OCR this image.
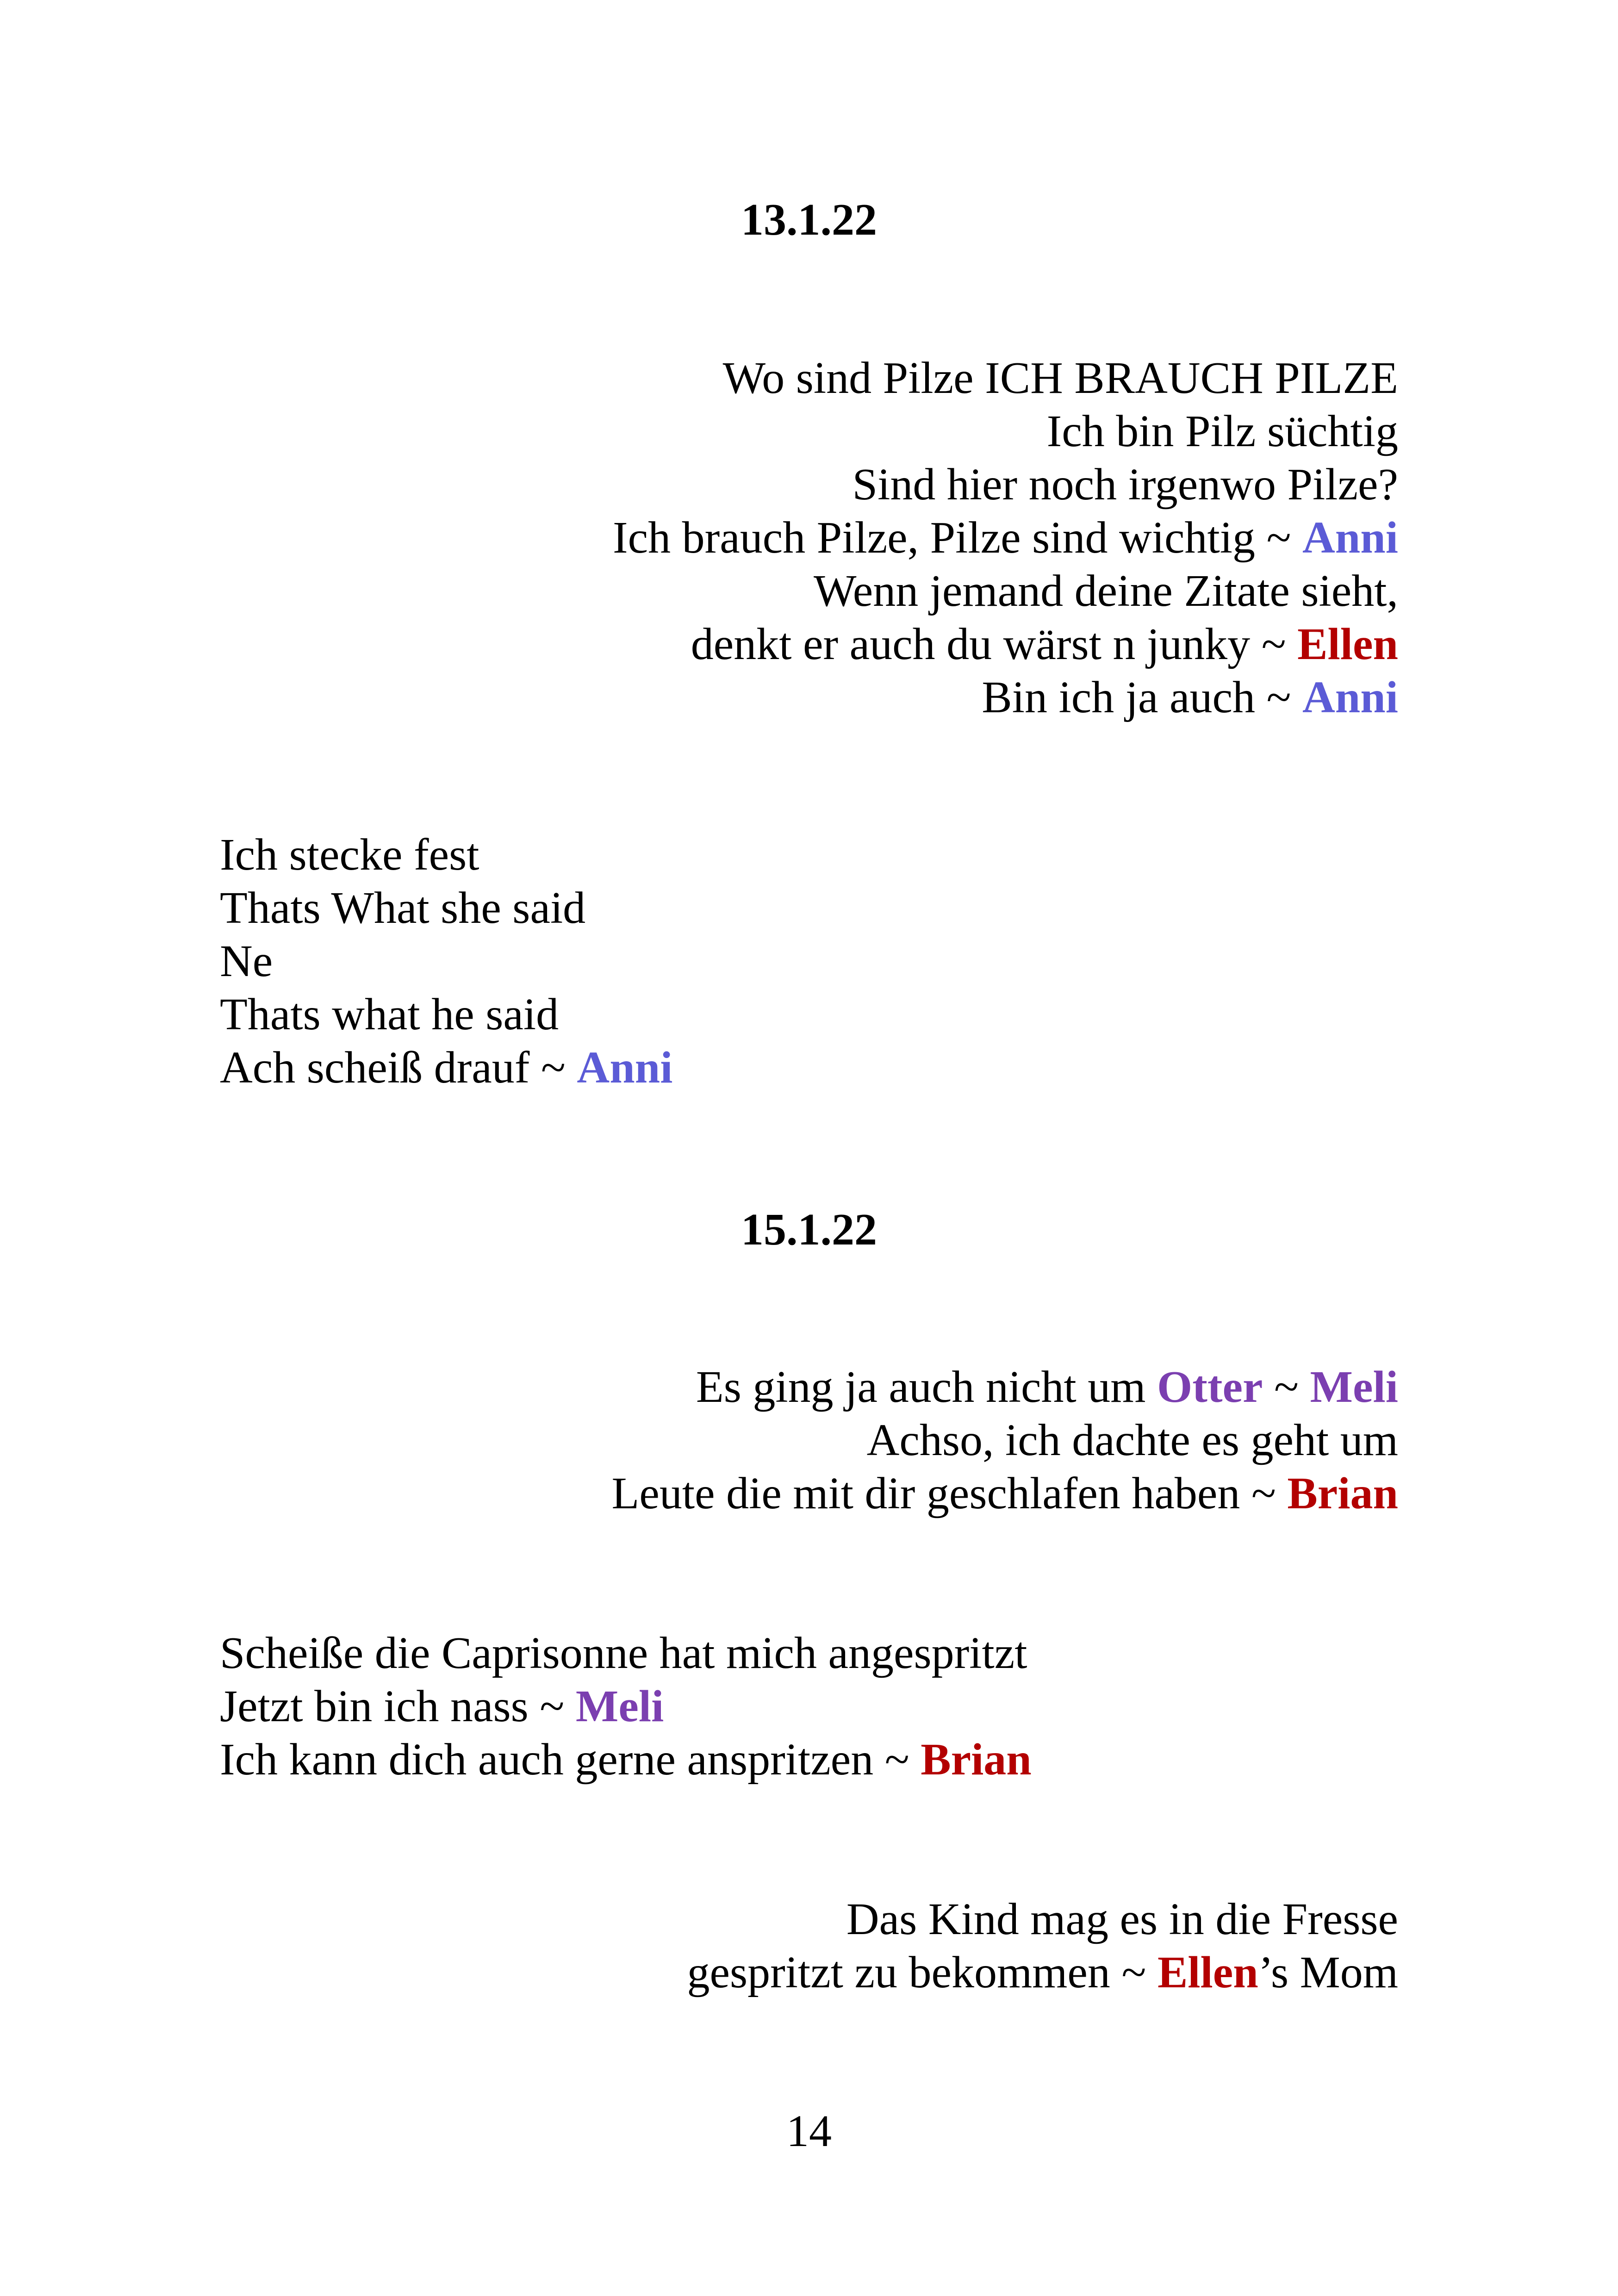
13.1.22
Wo sind Pilze ICH BRAUCH PILZE
Ich bin Pilz süchtig
Sind hier noch irgenwo Pilze?
Ich brauch Pilze, Pilze sind wichtig ~ Anni
Wenn jemand deine Zitate sieht,
denkt er auch du wärst n junky ~ Ellen
Bin ich ja auch ~ Anni
Ich stecke fest
Thats What she said
Ne
Thats what he said
Ach scheiß drauf ~ Anni
15.1.22
Es ging ja auch nicht um Otter ~ Meli
Achso, ich dachte es geht um
Leute die mit dir geschlafen haben ~ Brian
Scheiße die Caprisonne hat mich angespritzt
Jetzt bin ich nass ~ Meli
Ich kann dich auch gerne anspritzen ~ Brian
Das Kind mag es in die Fresse
gespritzt zu bekommen ~ Ellen’s Mom
14
